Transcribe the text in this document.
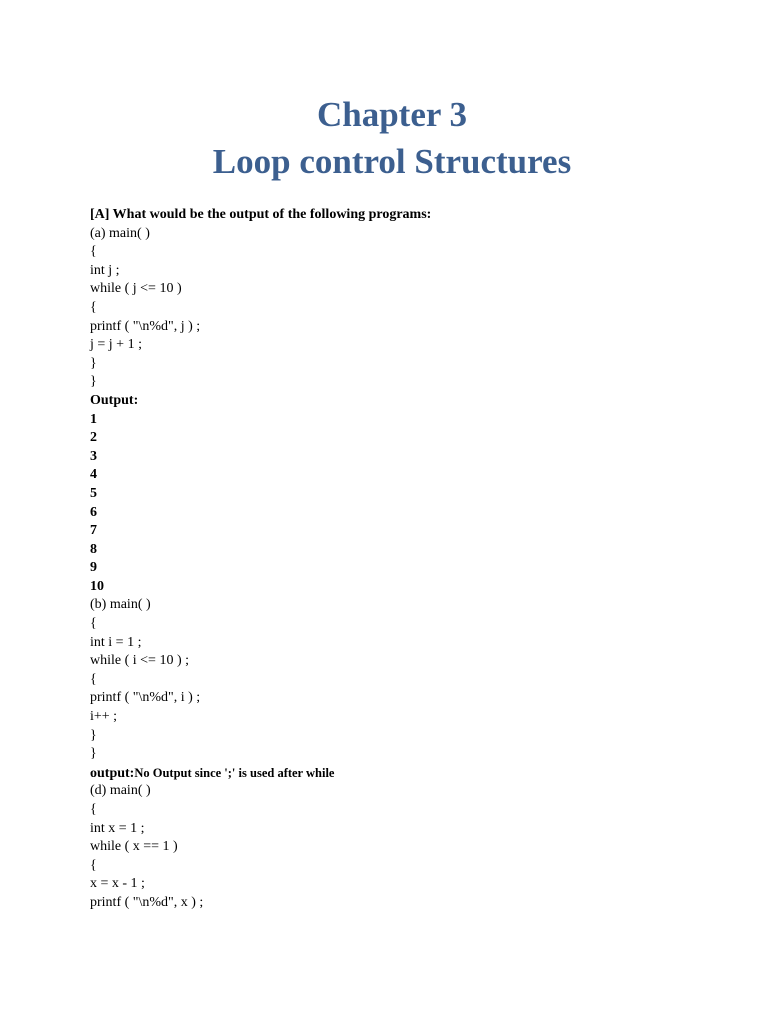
Chapter 3
Loop control Structures
[A] What would be the output of the following programs:
(a) main( )
{
int j ;
while ( j <= 10 )
{
printf ( "\n%d", j ) ;
j = j + 1 ;
}
}
Output:
1
2
3
4
5
6
7
8
9
10
(b) main( )
{
int i = 1 ;
while ( i <= 10 ) ;
{
printf ( "\n%d", i ) ;
i++ ;
}
}
output:No Output since ';' is used after while
(d) main( )
{
int x = 1 ;
while ( x == 1 )
{
x = x - 1 ;
printf ( "\n%d", x ) ;
